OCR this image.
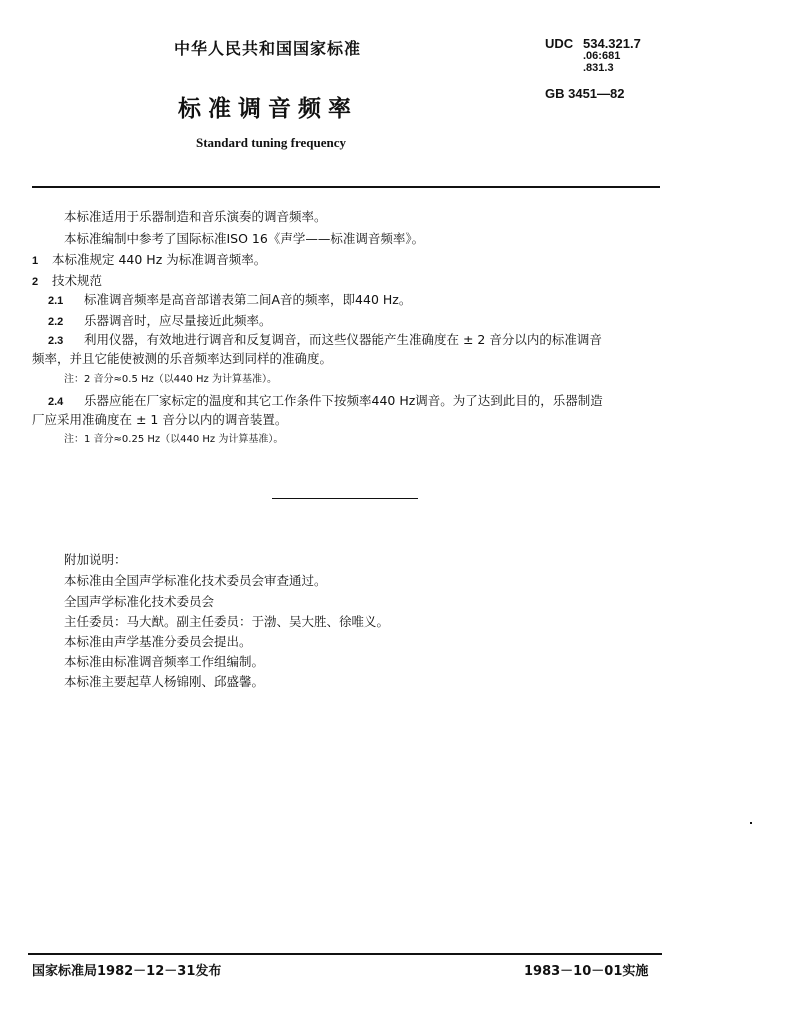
中华人民共和国国家标准
标准调音频率
Standard tuning frequency
UDC 534.321.7
.06:681
.831.3
GB 3451—82
本标准适用于乐器制造和音乐演奏的调音频率。
本标准编制中参考了国际标准ISO 16《声学——标准调音频率》。
1 本标准规定 440 Hz 为标准调音频率。
2 技术规范
2.1 标准调音频率是高音部谱表第二间A音的频率，即440 Hz。
2.2 乐器调音时，应尽量接近此频率。
2.3 利用仪器，有效地进行调音和反复调音，而这些仪器能产生准确度在 ± 2 音分以内的标准调音
频率，并且它能使被测的乐音频率达到同样的准确度。
注：2 音分≈0.5 Hz（以440 Hz 为计算基准）。
2.4 乐器应能在厂家标定的温度和其它工作条件下按频率440 Hz调音。为了达到此目的，乐器制造
厂应采用准确度在 ± 1 音分以内的调音装置。
注：1 音分≈0.25 Hz（以440 Hz 为计算基准）。
附加说明：
本标准由全国声学标准化技术委员会审查通过。
全国声学标准化技术委员会
主任委员：马大猷。副主任委员：于渤、吴大胜、徐唯义。
本标准由声学基准分委员会提出。
本标准由标准调音频率工作组编制。
本标准主要起草人杨锦刚、邱盛馨。
国家标准局1982－12－31发布	1983－10－01实施
